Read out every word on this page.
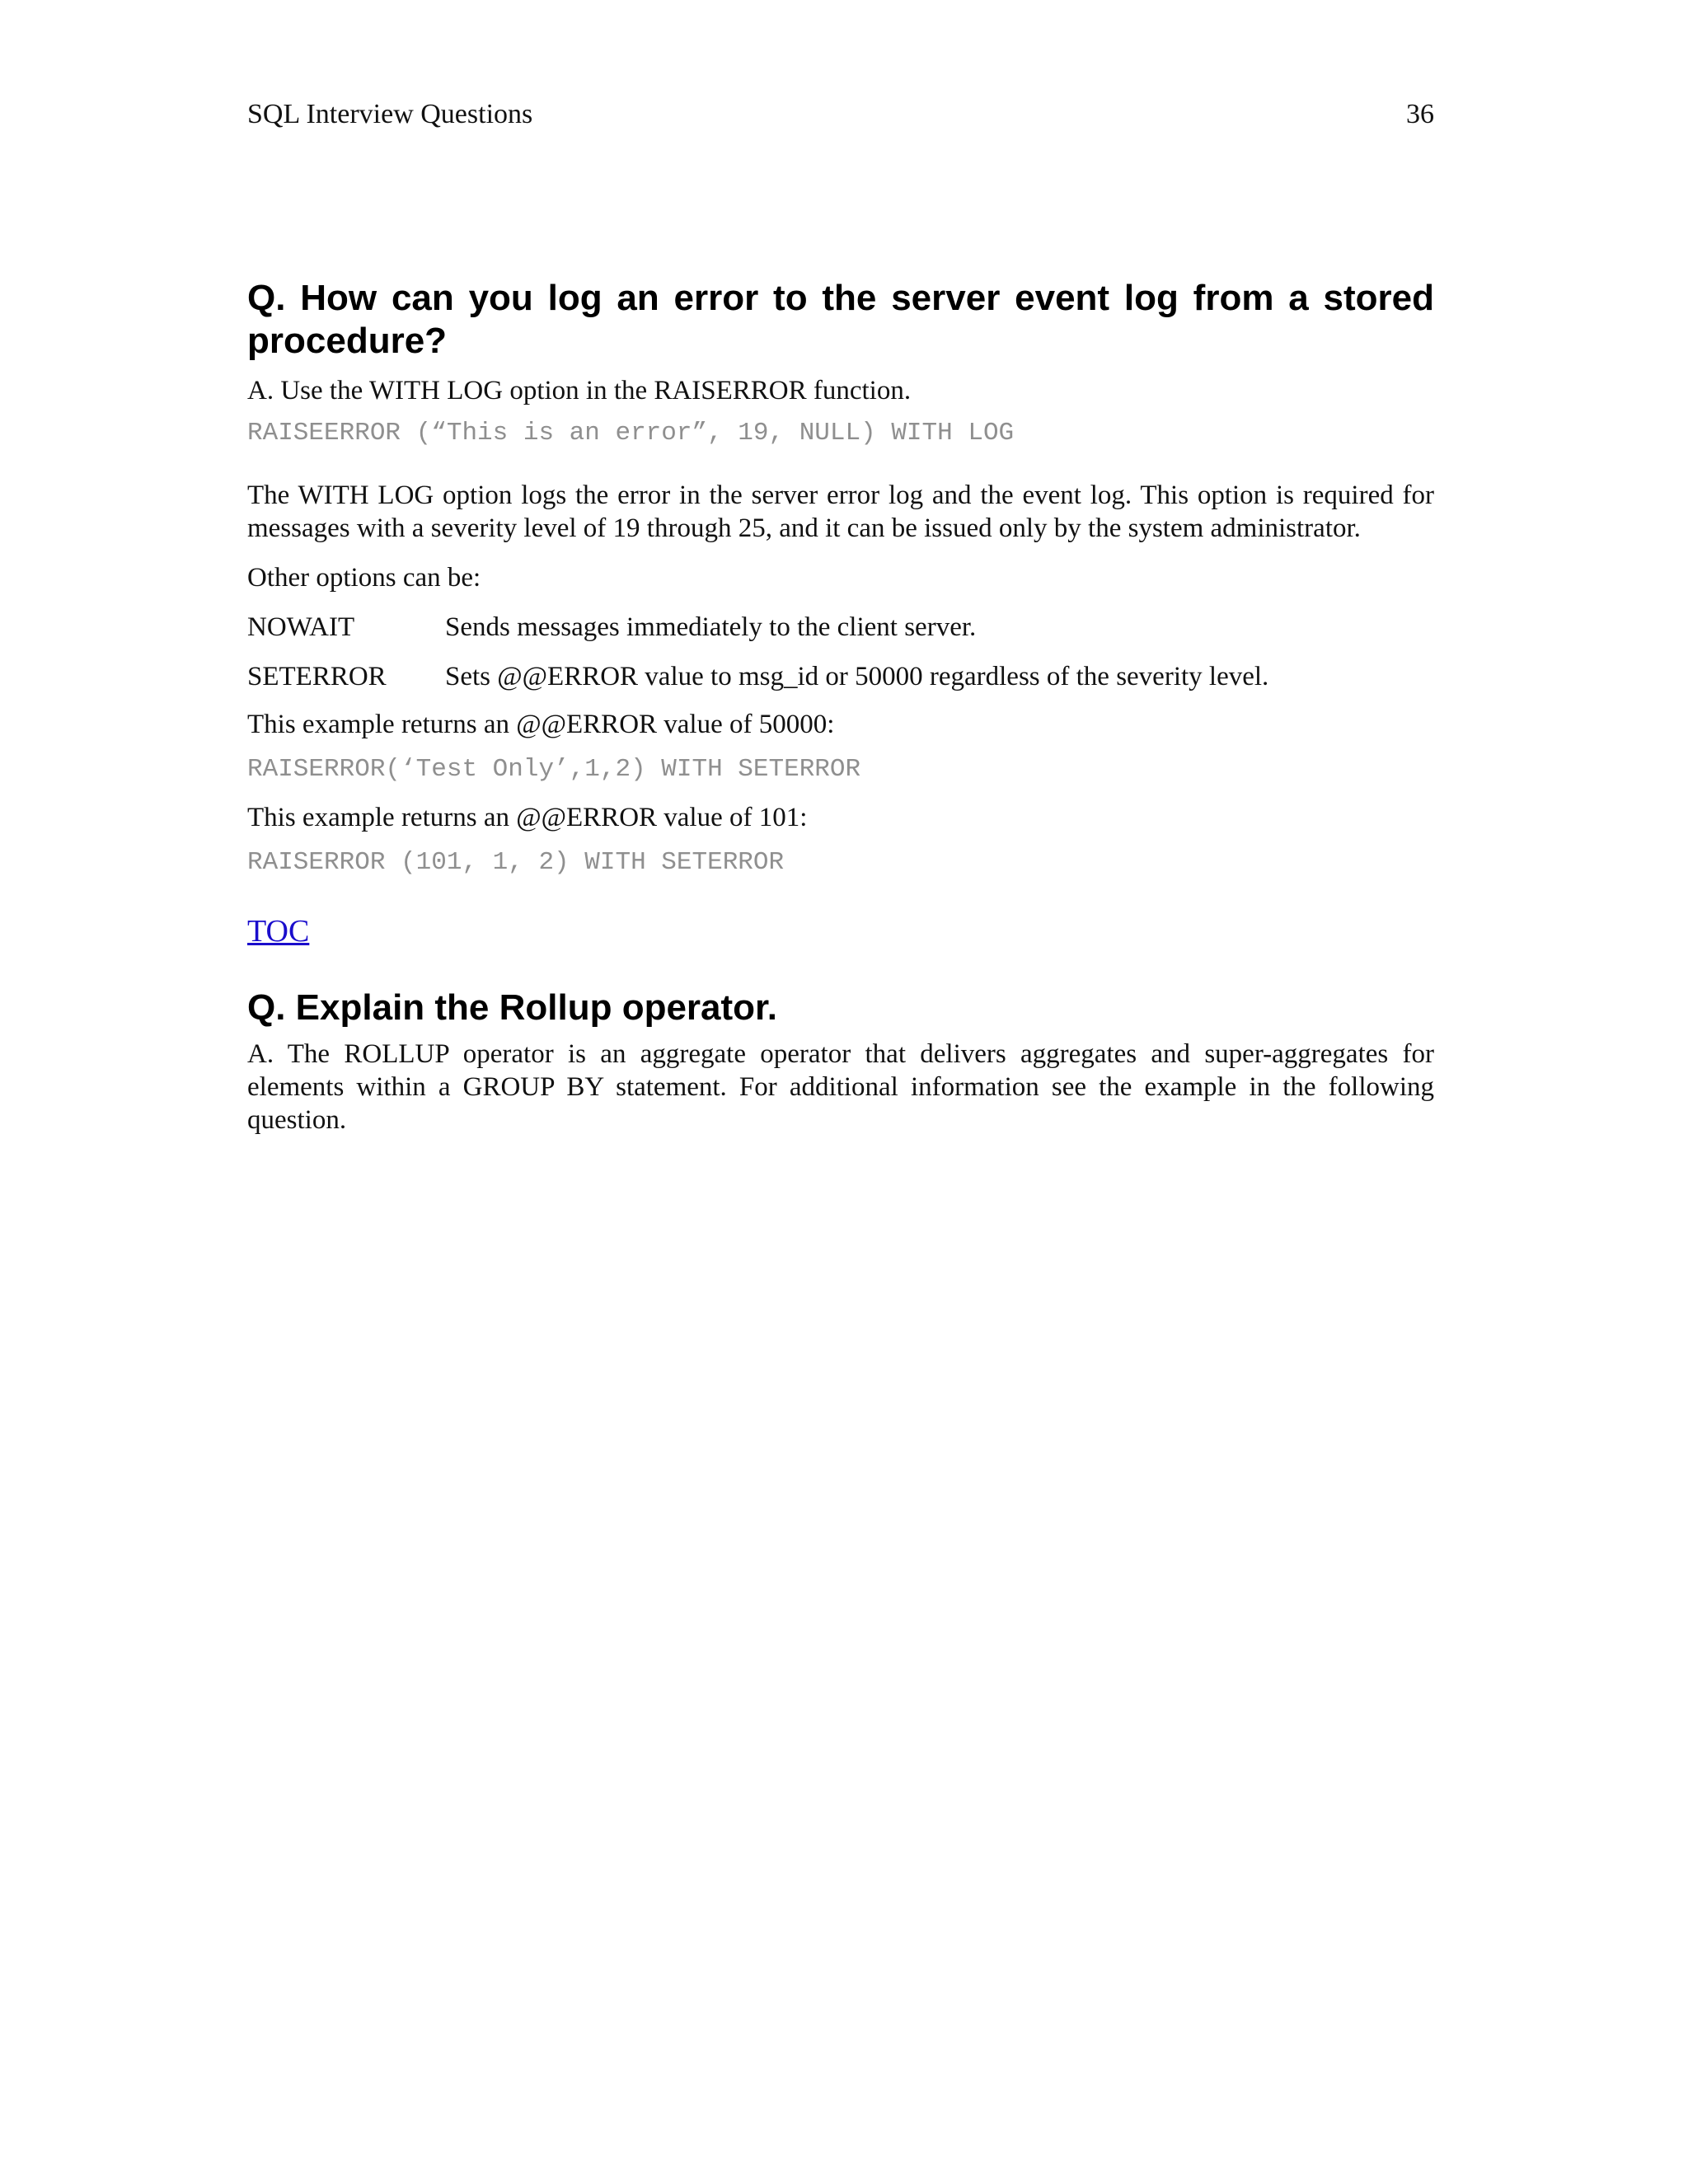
SQL Interview Questions	36
Q. How can you log an error to the server event log from a stored procedure?

A. Use the WITH LOG option in the RAISERROR function.

RAISEERROR (“This is an error”, 19, NULL) WITH LOG

The WITH LOG option logs the error in the server error log and the event log. This option is required for messages with a severity level of 19 through 25, and it can be issued only by the system administrator.

Other options can be:

NOWAIT	Sends messages immediately to the client server.
SETERROR	Sets @@ERROR value to msg_id or 50000 regardless of the severity level.

This example returns an @@ERROR value of 50000:

RAISERROR(‘Test Only’,1,2) WITH SETERROR

This example returns an @@ERROR value of 101:

RAISERROR (101, 1, 2) WITH SETERROR
TOC
Q. Explain the Rollup operator.

A. The ROLLUP operator is an aggregate operator that delivers aggregates and super-aggregates for elements within a GROUP BY statement. For additional information see the example in the following question.
